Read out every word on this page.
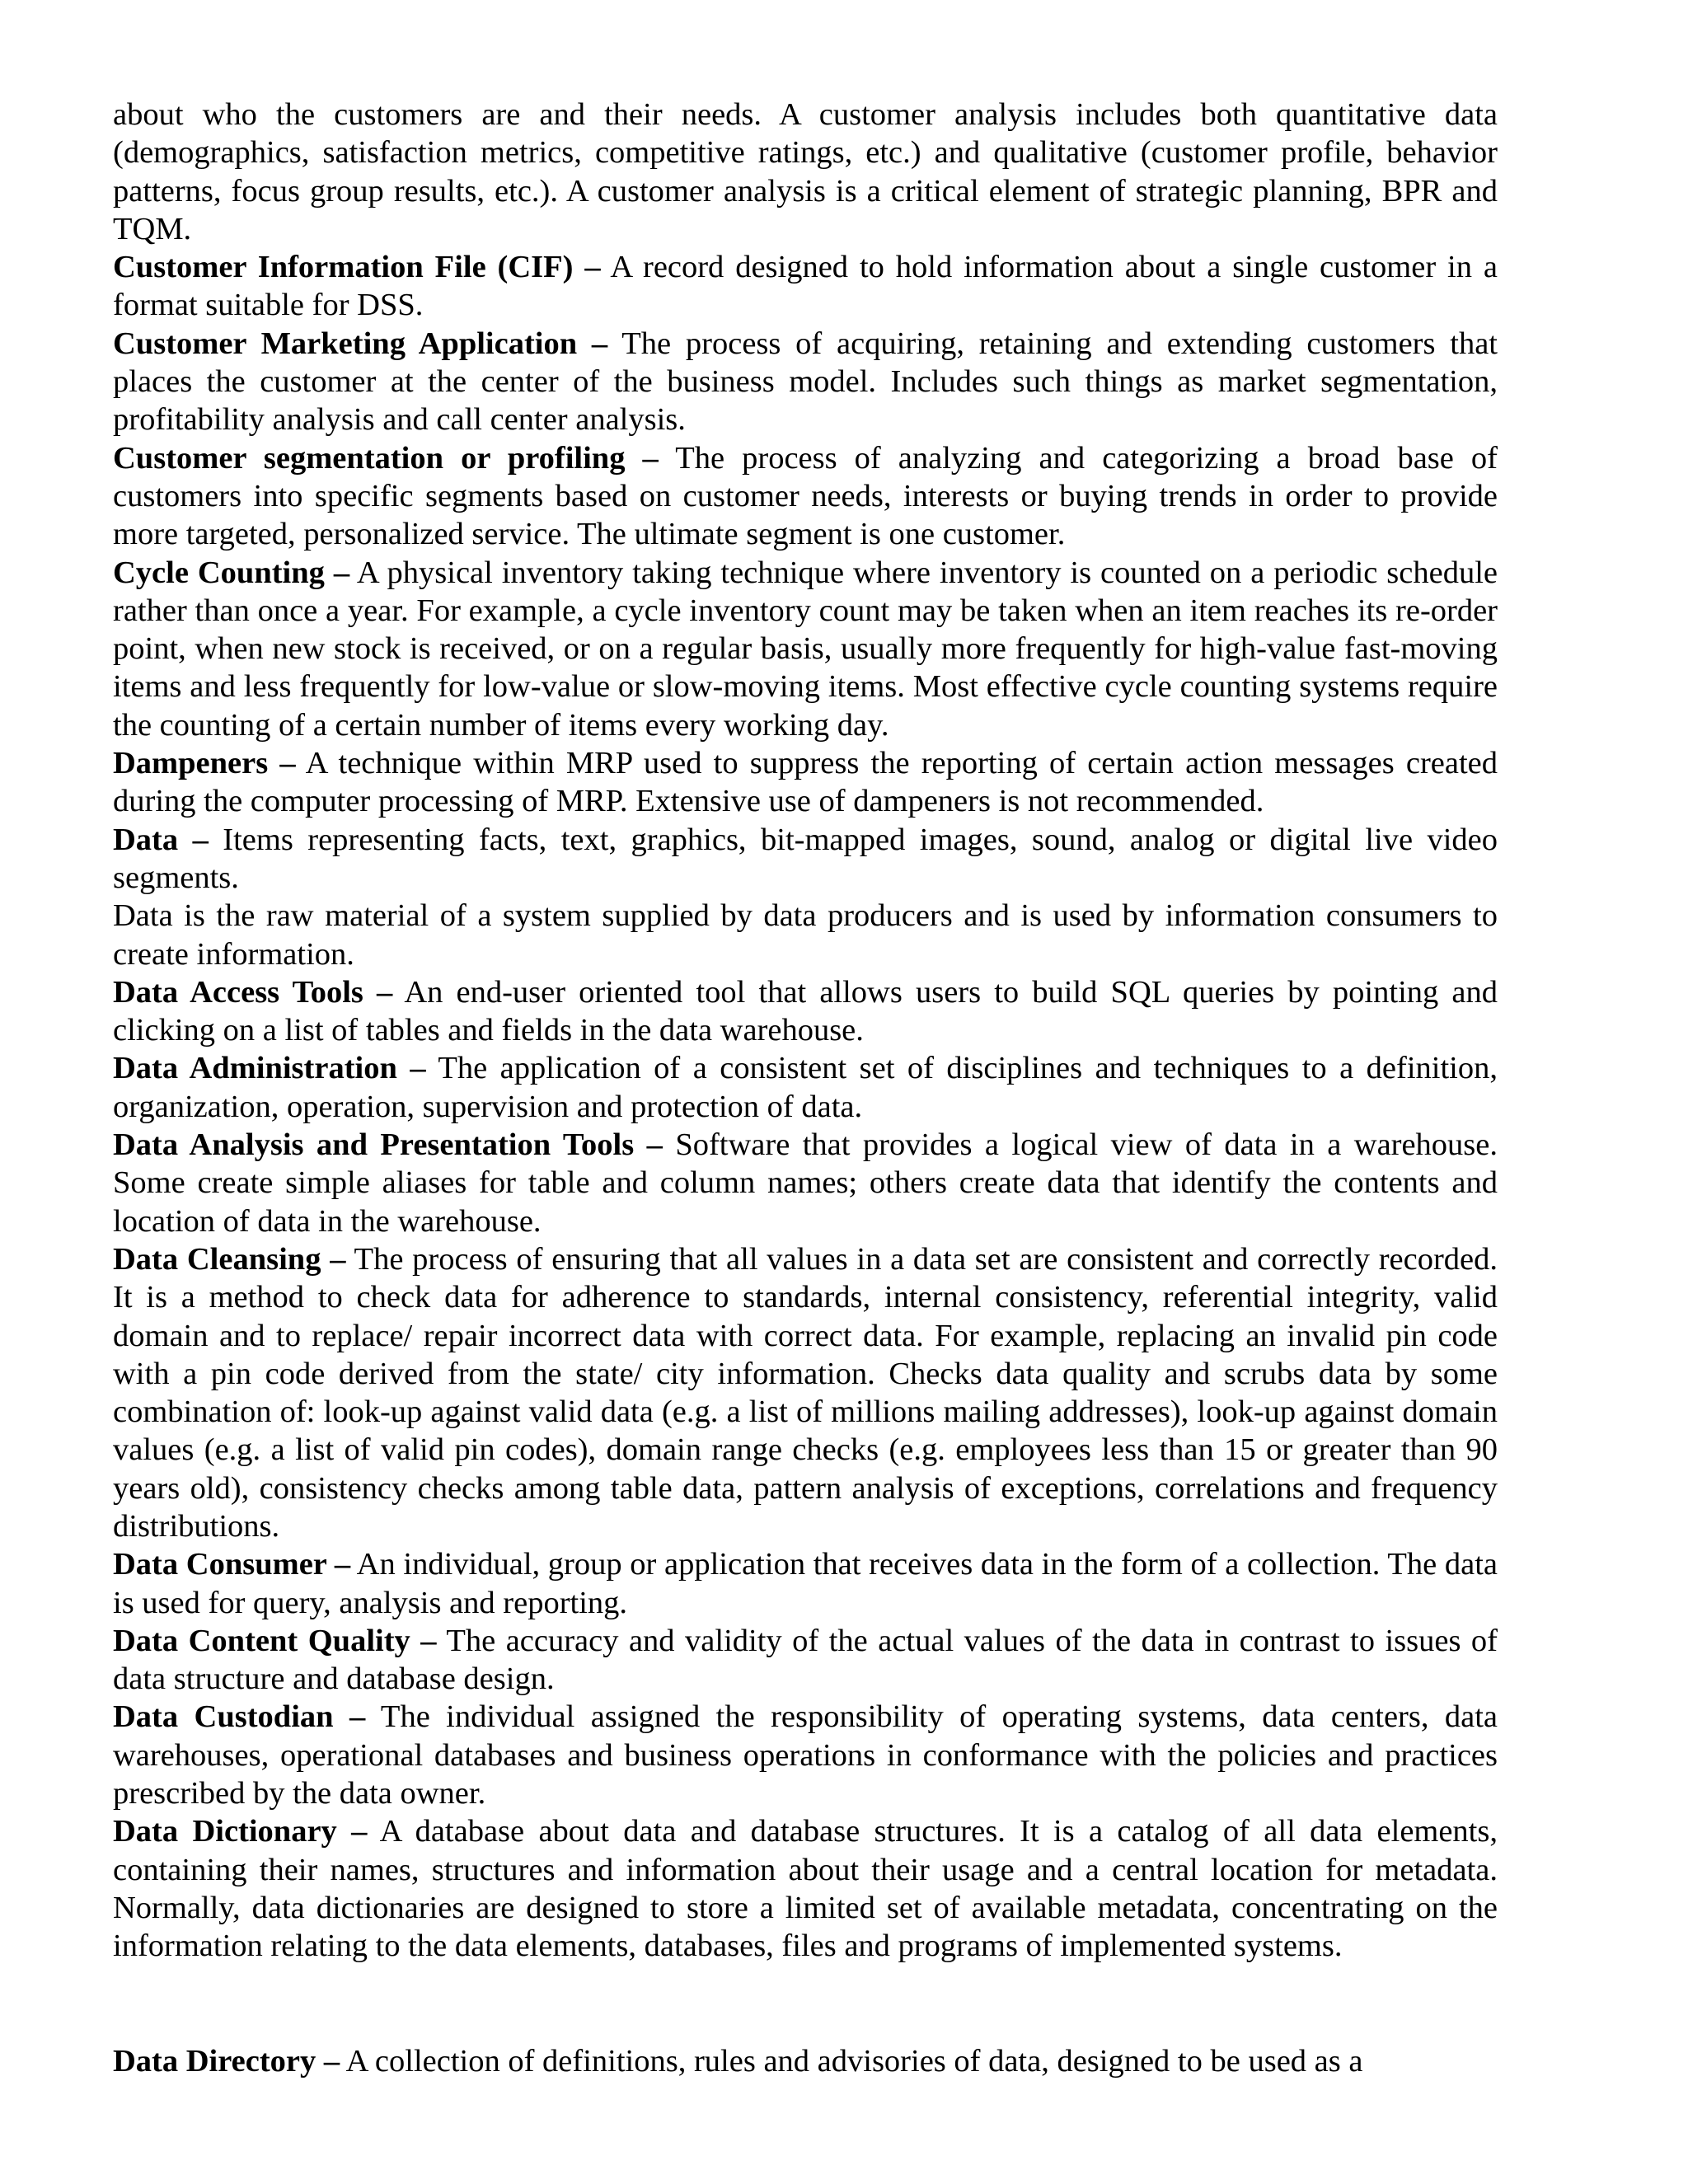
about who the customers are and their needs. A customer analysis includes both quantitative data (demographics, satisfaction metrics, competitive ratings, etc.) and qualitative (customer profile, behavior patterns, focus group results, etc.). A customer analysis is a critical element of strategic planning, BPR and TQM.

Customer Information File (CIF) – A record designed to hold information about a single customer in a format suitable for DSS.

Customer Marketing Application – The process of acquiring, retaining and extending customers that places the customer at the center of the business model. Includes such things as market segmentation, profitability analysis and call center analysis.

Customer segmentation or profiling – The process of analyzing and categorizing a broad base of customers into specific segments based on customer needs, interests or buying trends in order to provide more targeted, personalized service. The ultimate segment is one customer.

Cycle Counting – A physical inventory taking technique where inventory is counted on a periodic schedule rather than once a year. For example, a cycle inventory count may be taken when an item reaches its re-order point, when new stock is received, or on a regular basis, usually more frequently for high-value fast-moving items and less frequently for low-value or slow-moving items. Most effective cycle counting systems require the counting of a certain number of items every working day.

Dampeners – A technique within MRP used to suppress the reporting of certain action messages created during the computer processing of MRP. Extensive use of dampeners is not recommended.

Data – Items representing facts, text, graphics, bit-mapped images, sound, analog or digital live video segments.

Data is the raw material of a system supplied by data producers and is used by information consumers to create information.

Data Access Tools – An end-user oriented tool that allows users to build SQL queries by pointing and clicking on a list of tables and fields in the data warehouse.

Data Administration – The application of a consistent set of disciplines and techniques to a definition, organization, operation, supervision and protection of data.

Data Analysis and Presentation Tools – Software that provides a logical view of data in a warehouse. Some create simple aliases for table and column names; others create data that identify the contents and location of data in the warehouse.

Data Cleansing – The process of ensuring that all values in a data set are consistent and correctly recorded. It is a method to check data for adherence to standards, internal consistency, referential integrity, valid domain and to replace/ repair incorrect data with correct data. For example, replacing an invalid pin code with a pin code derived from the state/ city information. Checks data quality and scrubs data by some combination of: look-up against valid data (e.g. a list of millions mailing addresses), look-up against domain values (e.g. a list of valid pin codes), domain range checks (e.g. employees less than 15 or greater than 90 years old), consistency checks among table data, pattern analysis of exceptions, correlations and frequency distributions.

Data Consumer – An individual, group or application that receives data in the form of a collection. The data is used for query, analysis and reporting.

Data Content Quality – The accuracy and validity of the actual values of the data in contrast to issues of data structure and database design.

Data Custodian – The individual assigned the responsibility of operating systems, data centers, data warehouses, operational databases and business operations in conformance with the policies and practices prescribed by the data owner.

Data Dictionary – A database about data and database structures. It is a catalog of all data elements, containing their names, structures and information about their usage and a central location for metadata. Normally, data dictionaries are designed to store a limited set of available metadata, concentrating on the information relating to the data elements, databases, files and programs of implemented systems.

Data Directory – A collection of definitions, rules and advisories of data, designed to be used as a
